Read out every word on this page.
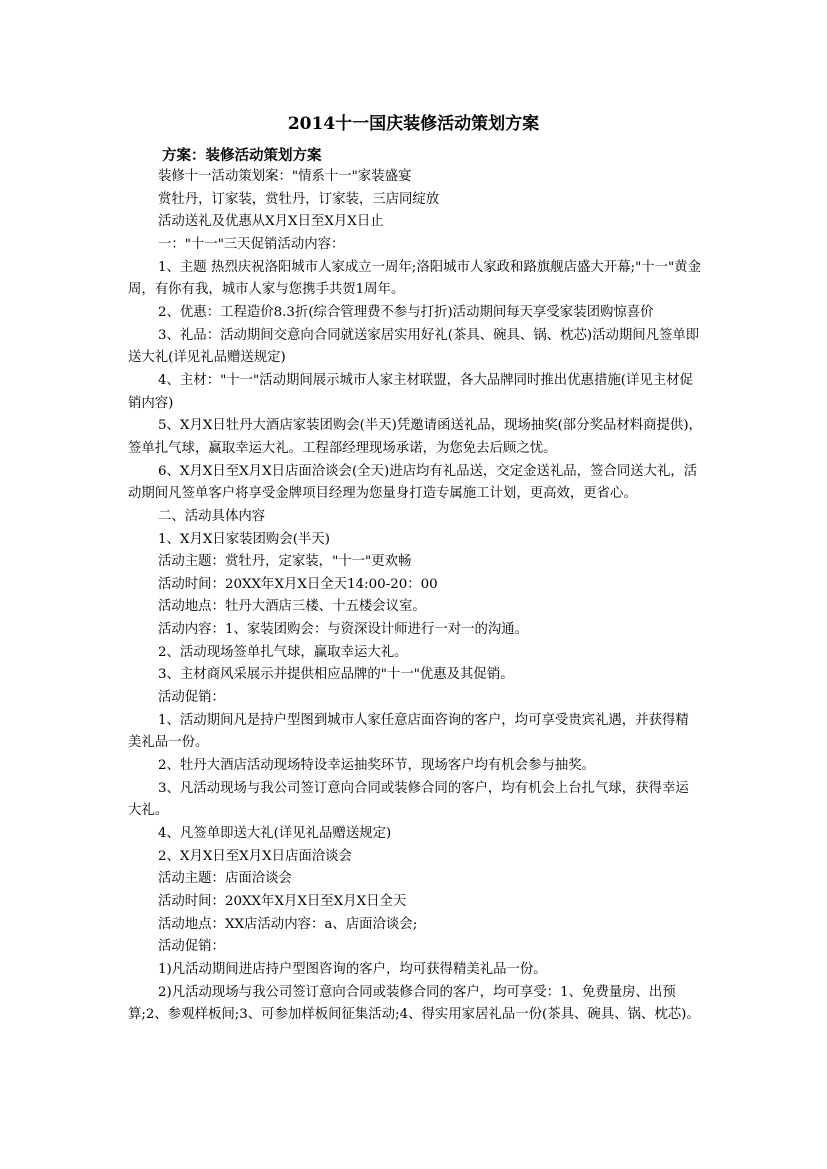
2014十一国庆装修活动策划方案
方案：装修活动策划方案

装修十一活动策划案："情系十一"家装盛宴

赏牡丹，订家装，赏牡丹，订家装，三店同绽放

活动送礼及优惠从X月X日至X月X日止

一："十一"三天促销活动内容：

1、主题 热烈庆祝洛阳城市人家成立一周年;洛阳城市人家政和路旗舰店盛大开幕;"十一"黄金周，有你有我，城市人家与您携手共贺1周年。

2、优惠：工程造价8.3折(综合管理费不参与打折)活动期间每天享受家装团购惊喜价

3、礼品：活动期间交意向合同就送家居实用好礼(茶具、碗具、锅、枕芯)活动期间凡签单即送大礼(详见礼品赠送规定)

4、主材："十一"活动期间展示城市人家主材联盟，各大品牌同时推出优惠措施(详见主材促销内容)

5、X月X日牡丹大酒店家装团购会(半天)凭邀请函送礼品，现场抽奖(部分奖品材料商提供)，签单扎气球，赢取幸运大礼。工程部经理现场承诺，为您免去后顾之忧。

6、X月X日至X月X日店面洽谈会(全天)进店均有礼品送，交定金送礼品，签合同送大礼，活动期间凡签单客户将享受金牌项目经理为您量身打造专属施工计划，更高效，更省心。

二、活动具体内容

1、X月X日家装团购会(半天)

活动主题：赏牡丹，定家装，"十一"更欢畅

活动时间：20XX年X月X日全天14:00-20：00

活动地点：牡丹大酒店三楼、十五楼会议室。

活动内容：1、家装团购会：与资深设计师进行一对一的沟通。

2、活动现场签单扎气球，赢取幸运大礼。

3、主材商风采展示并提供相应品牌的"十一"优惠及其促销。

活动促销：

1、活动期间凡是持户型图到城市人家任意店面咨询的客户，均可享受贵宾礼遇，并获得精美礼品一份。

2、牡丹大酒店活动现场特设幸运抽奖环节，现场客户均有机会参与抽奖。

3、凡活动现场与我公司签订意向合同或装修合同的客户，均有机会上台扎气球，获得幸运大礼。

4、凡签单即送大礼(详见礼品赠送规定)

2、X月X日至X月X日店面洽谈会

活动主题：店面洽谈会

活动时间：20XX年X月X日至X月X日全天

活动地点：XX店活动内容：a、店面洽谈会;

活动促销：

1)凡活动期间进店持户型图咨询的客户，均可获得精美礼品一份。

2)凡活动现场与我公司签订意向合同或装修合同的客户，均可享受：1、免费量房、出预算;2、参观样板间;3、可参加样板间征集活动;4、得实用家居礼品一份(茶具、碗具、锅、枕芯)。
